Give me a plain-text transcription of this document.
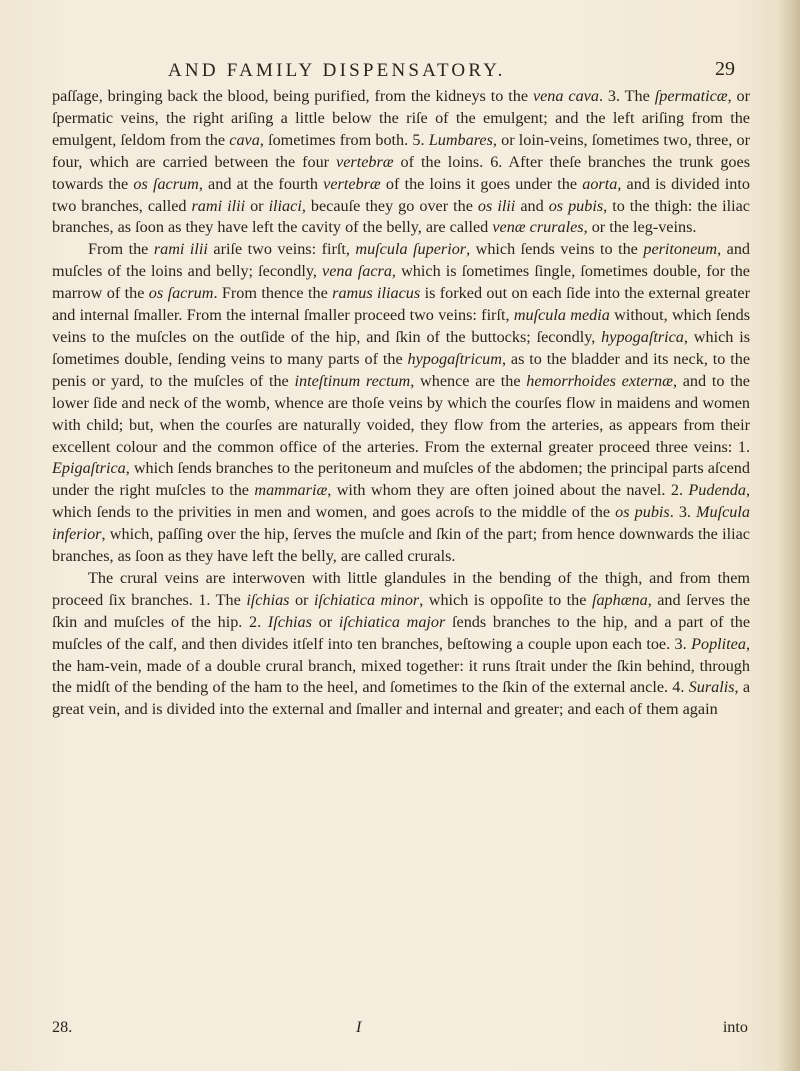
AND FAMILY DISPENSATORY.	29

paſſage, bringing back the blood, being purified, from the kidneys to the vena cava. 3. The ſpermaticæ, or ſpermatic veins, the right ariſing a little below the riſe of the emulgent; and the left ariſing from the emulgent, ſeldom from the cava, ſometimes from both. 5. Lumbares, or loin-veins, ſometimes two, three, or four, which are carried between the four vertebræ of the loins. 6. After theſe branches the trunk goes towards the os ſacrum, and at the fourth vertebræ of the loins it goes under the aorta, and is divided into two branches, called rami ilii or iliaci, becauſe they go over the os ilii and os pubis, to the thigh: the iliac branches, as ſoon as they have left the cavity of the belly, are called venæ crurales, or the leg-veins.

From the rami ilii ariſe two veins: firſt, muſcula ſuperior, which ſends veins to the peritoneum, and muſcles of the loins and belly; ſecondly, vena ſacra, which is ſometimes ſingle, ſometimes double, for the marrow of the os ſacrum. From thence the ramus iliacus is forked out on each ſide into the external greater and internal ſmaller. From the internal ſmaller proceed two veins: firſt, muſcula media without, which ſends veins to the muſcles on the outſide of the hip, and ſkin of the buttocks; ſecondly, hypogaſtrica, which is ſometimes double, ſending veins to many parts of the hypogaſtricum, as to the bladder and its neck, to the penis or yard, to the muſcles of the inteſtinum rectum, whence are the hemorrhoides externæ, and to the lower ſide and neck of the womb, whence are thoſe veins by which the courſes flow in maidens and women with child; but, when the courſes are naturally voided, they flow from the arteries, as appears from their excellent colour and the common office of the arteries. From the external greater proceed three veins: 1. Epigaſtrica, which ſends branches to the peritoneum and muſcles of the abdomen; the principal parts aſcend under the right muſcles to the mammariæ, with whom they are often joined about the navel. 2. Pudenda, which ſends to the privities in men and women, and goes acroſs to the middle of the os pubis. 3. Muſcula inferior, which, paſſing over the hip, ſerves the muſcle and ſkin of the part; from hence downwards the iliac branches, as ſoon as they have left the belly, are called crurals.

The crural veins are interwoven with little glandules in the bending of the thigh, and from them proceed ſix branches. 1. The iſchias or iſchiatica minor, which is oppoſite to the ſaphæna, and ſerves the ſkin and muſcles of the hip. 2. Iſchias or iſchiatica major ſends branches to the hip, and a part of the muſcles of the calf, and then divides itſelf into ten branches, beſtowing a couple upon each toe. 3. Poplitea, the ham-vein, made of a double crural branch, mixed together: it runs ſtrait under the ſkin behind, through the midſt of the bending of the ham to the heel, and ſometimes to the ſkin of the external ancle. 4. Suralis, a great vein, and is divided into the external and ſmaller and internal and greater; and each of them again

28.	I	into
